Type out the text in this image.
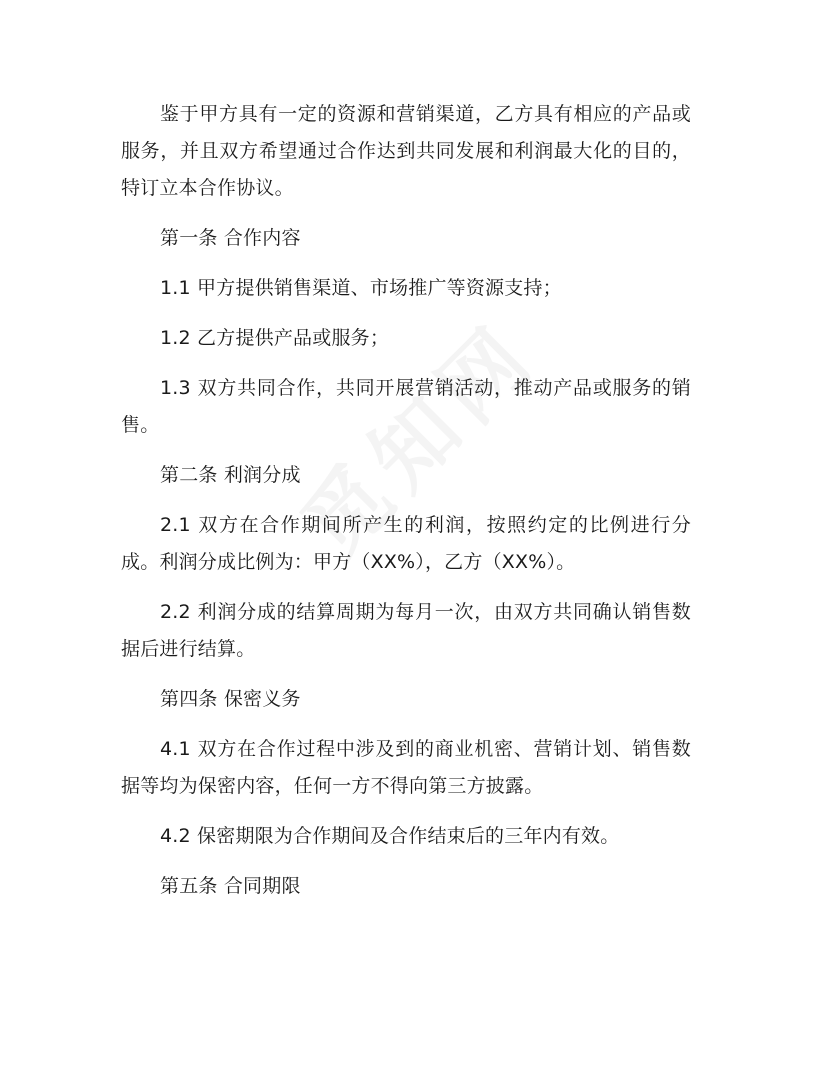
鉴于甲方具有一定的资源和营销渠道，乙方具有相应的产品或服务，并且双方希望通过合作达到共同发展和利润最大化的目的，特订立本合作协议。

第一条 合作内容

1.1 甲方提供销售渠道、市场推广等资源支持；

1.2 乙方提供产品或服务；

1.3 双方共同合作，共同开展营销活动，推动产品或服务的销售。

第二条 利润分成

2.1 双方在合作期间所产生的利润，按照约定的比例进行分成。利润分成比例为：甲方（XX%），乙方（XX%）。

2.2 利润分成的结算周期为每月一次，由双方共同确认销售数据后进行结算。

第四条 保密义务

4.1 双方在合作过程中涉及到的商业机密、营销计划、销售数据等均为保密内容，任何一方不得向第三方披露。

4.2 保密期限为合作期间及合作结束后的三年内有效。

第五条 合同期限
